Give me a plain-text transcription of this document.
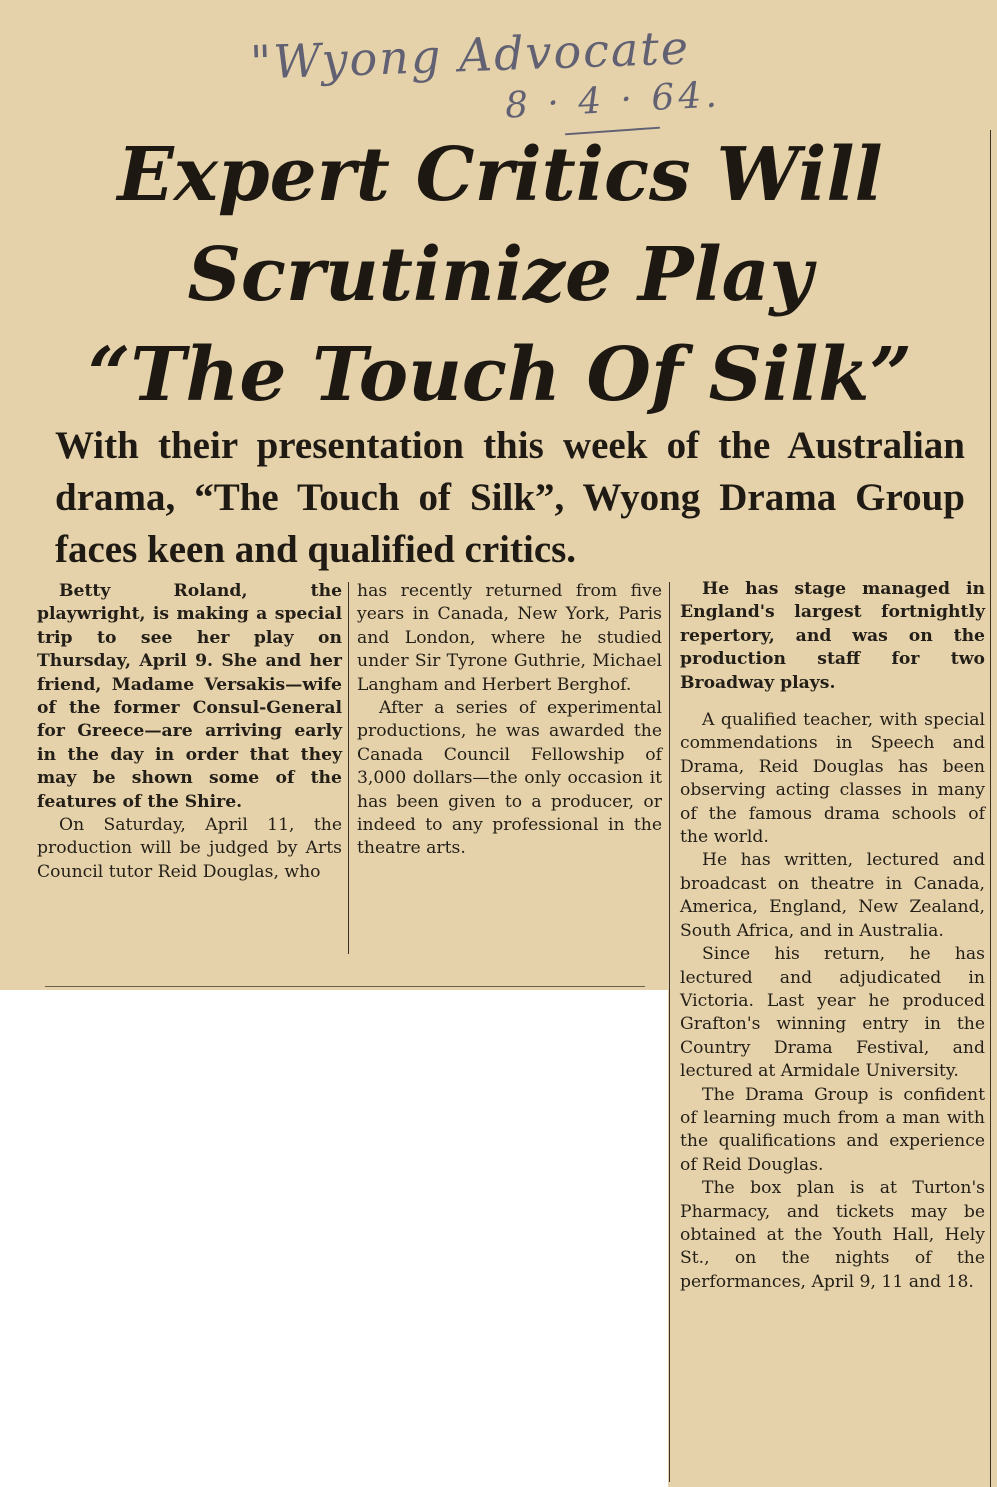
"Wyong Advocate
8 · 4 · 64.
Expert Critics Will
Scrutinize Play
“The Touch Of Silk”

With their presentation this week of the Australian drama, “The Touch of Silk”, Wyong Drama Group faces keen and qualified critics.

Betty Roland, the playwright, is making a special trip to see her play on Thursday, April 9. She and her friend, Madame Versakis—wife of the former Consul-General for Greece—are arriving early in the day in order that they may be shown some of the features of the Shire.

On Saturday, April 11, the production will be judged by Arts Council tutor Reid Douglas, who

has recently returned from five years in Canada, New York, Paris and London, where he studied under Sir Tyrone Guthrie, Michael Langham and Herbert Berghof.

After a series of experimental productions, he was awarded the Canada Council Fellowship of 3,000 dollars—the only occasion it has been given to a producer, or indeed to any professional in the theatre arts.

He has stage managed in England's largest fortnightly repertory, and was on the production staff for two Broadway plays.

A qualified teacher, with special commendations in Speech and Drama, Reid Douglas has been observing acting classes in many of the famous drama schools of the world.

He has written, lectured and broadcast on theatre in Canada, America, England, New Zealand, South Africa, and in Australia.

Since his return, he has lectured and adjudicated in Victoria. Last year he produced Grafton's winning entry in the Country Drama Festival, and lectured at Armidale University.

The Drama Group is confident of learning much from a man with the qualifications and experience of Reid Douglas.

The box plan is at Turton's Pharmacy, and tickets may be obtained at the Youth Hall, Hely St., on the nights of the performances, April 9, 11 and 18.
